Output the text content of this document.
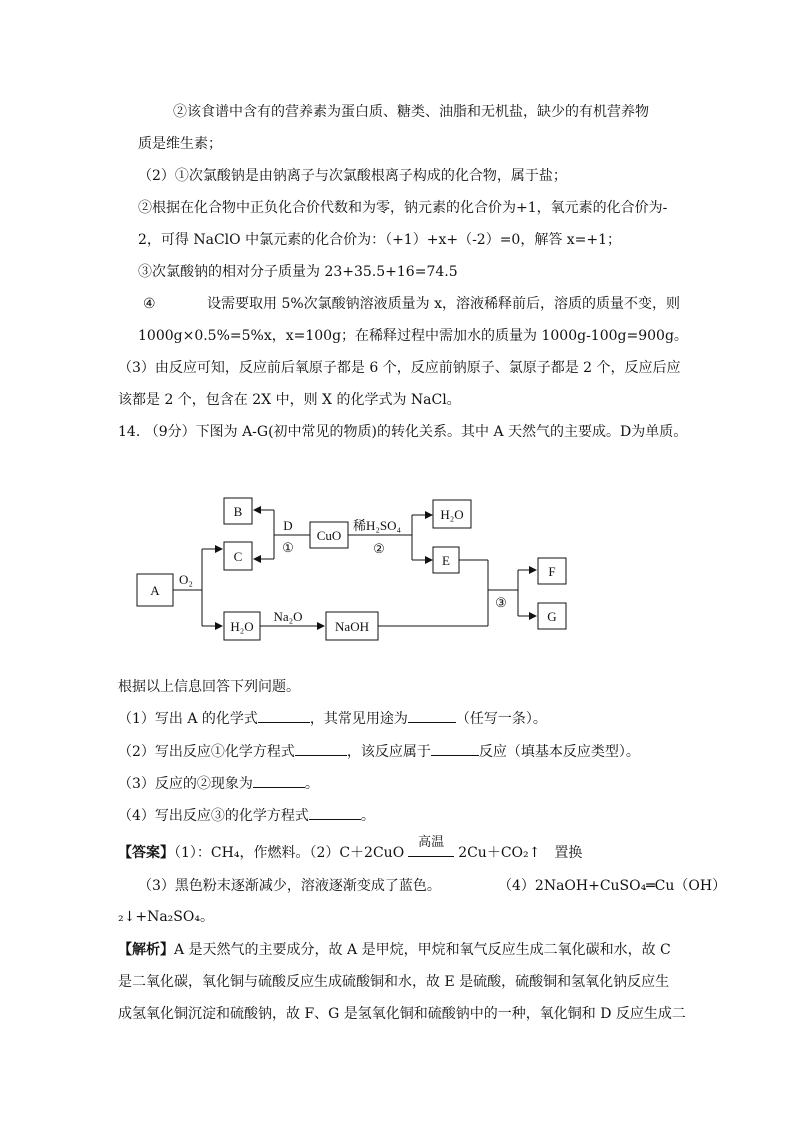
②该食谱中含有的营养素为蛋白质、糖类、油脂和无机盐，缺少的有机营养物
质是维生素；
（2）①次氯酸钠是由钠离子与次氯酸根离子构成的化合物，属于盐；
②根据在化合物中正负化合价代数和为零，钠元素的化合价为+1，氧元素的化合价为-
2，可得 NaClO 中氯元素的化合价为：（+1）+x+（-2）=0，解答 x=+1；
③次氯酸钠的相对分子质量为 23+35.5+16=74.5
④	设需要取用 5%次氯酸钠溶液质量为 x，溶液稀释前后，溶质的质量不变，则
1000g×0.5%=5%x，x=100g；在稀释过程中需加水的质量为 1000g-100g=900g。
（3）由反应可知，反应前后氧原子都是 6 个，反应前钠原子、氯原子都是 2 个，反应后应
该都是 2 个，包含在 2X 中，则 X 的化学式为 NaCl。
14. （9分）下图为 A-G(初中常见的物质)的转化关系。其中 A 天然气的主要成。D为单质。
A
B
C
CuO
H₂O
E
F
G
H₂O	NaOH
O₂
D
①
稀H₂SO₄
②
③
Na₂O
根据以上信息回答下列问题。
（1）写出 A 的化学式	，其常见用途为	（任写一条）。
（2）写出反应①化学方程式	，该反应属于	反应（填基本反应类型）。
（3）反应的②现象为	。
（4）写出反应③的化学方程式	。
【答案】（1）：CH₄，作燃料。（2）C＋2CuO
高温
2Cu＋CO₂↑　置换
（3）黑色粉末逐渐减少，溶液逐渐变成了蓝色。	（4）2NaOH+CuSO₄═Cu（OH）
₂↓+Na₂SO₄。
【解析】A 是天然气的主要成分，故 A 是甲烷，甲烷和氧气反应生成二氧化碳和水，故 C
是二氧化碳，氧化铜与硫酸反应生成硫酸铜和水，故 E 是硫酸，硫酸铜和氢氧化钠反应生
成氢氧化铜沉淀和硫酸钠，故 F、G 是氢氧化铜和硫酸钠中的一种，氧化铜和 D 反应生成二
